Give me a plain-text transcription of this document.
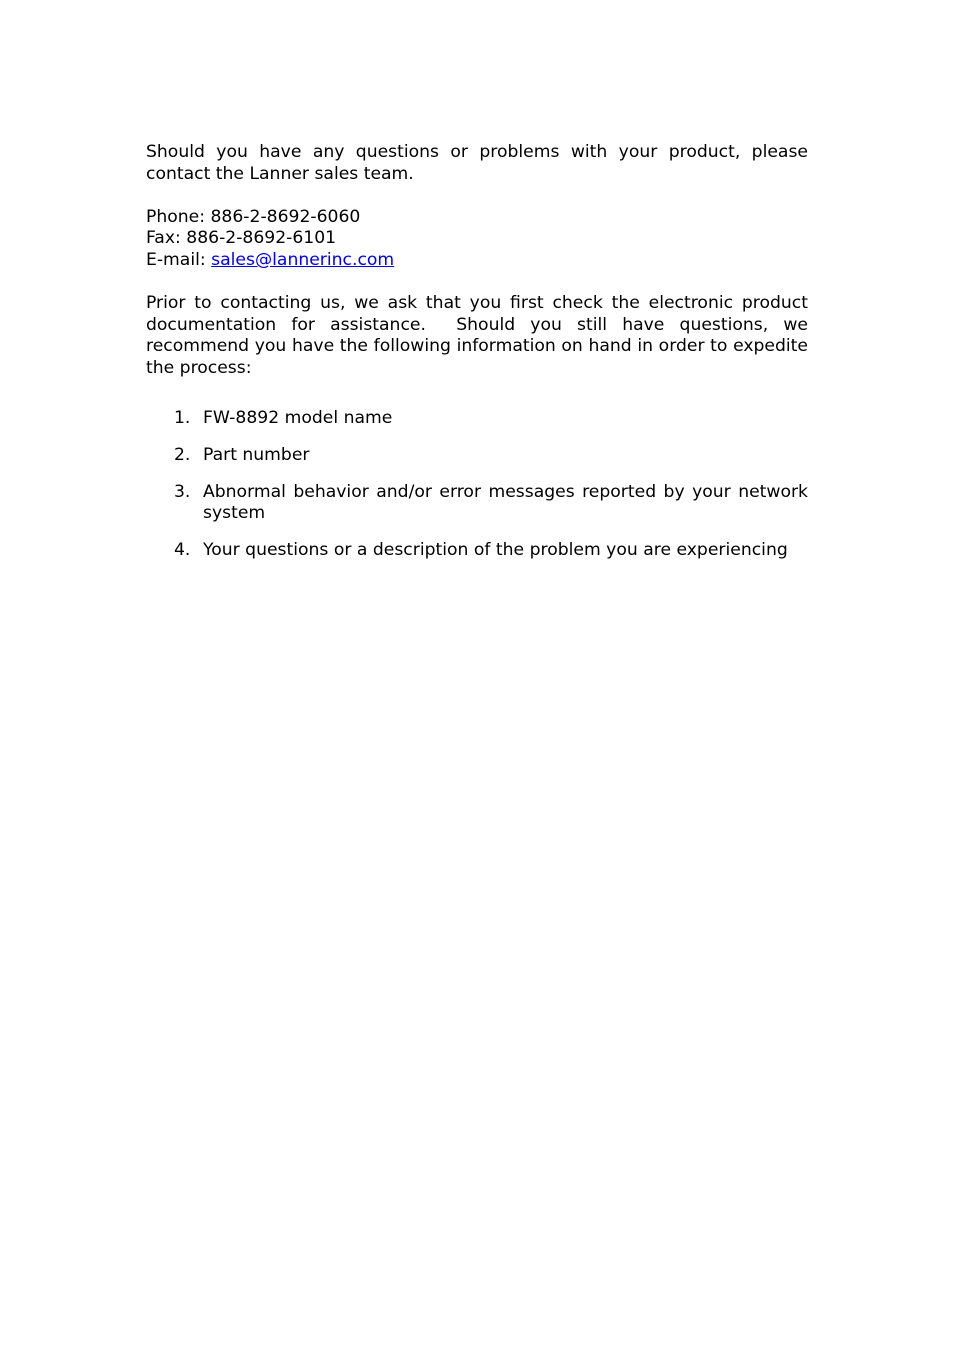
Should you have any questions or problems with your product, please contact the Lanner sales team.

Phone: 886-2-8692-6060
Fax: 886-2-8692-6101
E-mail: sales@lannerinc.com

Prior to contacting us, we ask that you first check the electronic product documentation for assistance.  Should you still have questions, we recommend you have the following information on hand in order to expedite the process:

1. FW-8892 model name
2. Part number
3. Abnormal behavior and/or error messages reported by your network system
4. Your questions or a description of the problem you are experiencing
